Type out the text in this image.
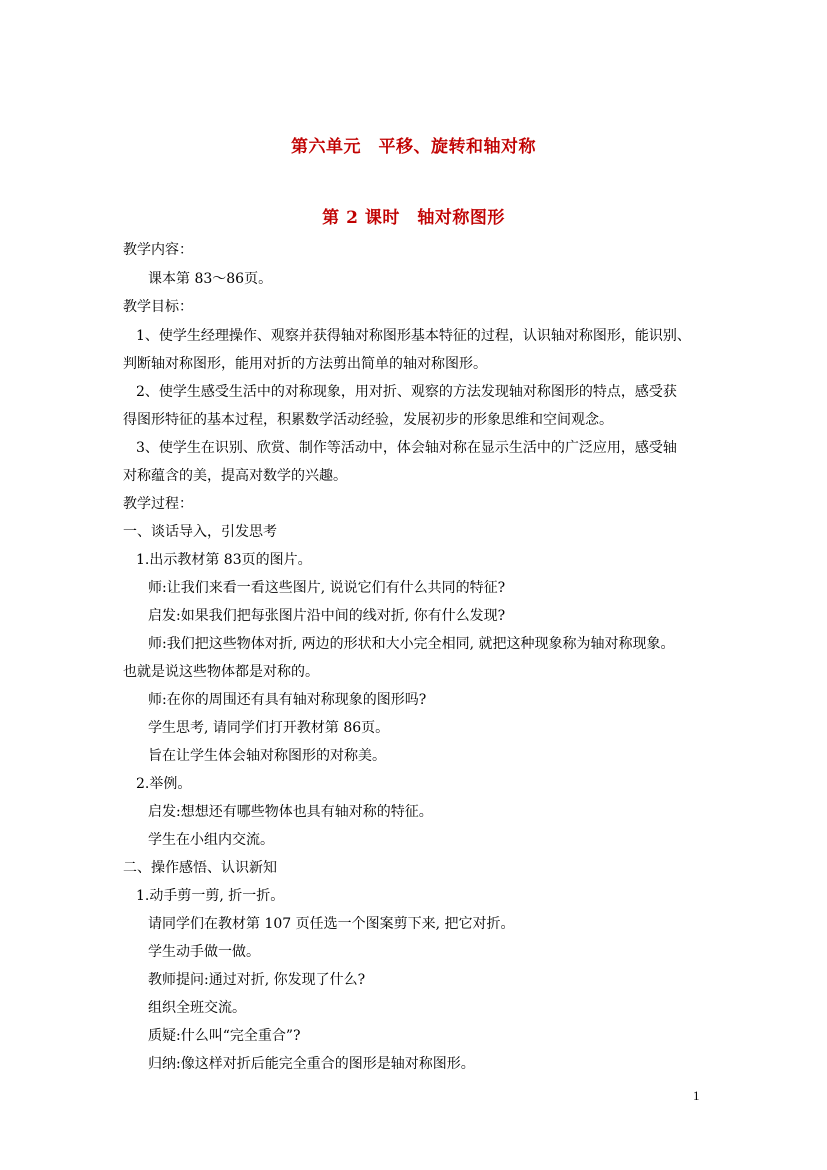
第六单元　平移、旋转和轴对称
第 2 课时　轴对称图形
教学内容：
课本第 83～86页。
教学目标：
1、使学生经理操作、观察并获得轴对称图形基本特征的过程，认识轴对称图形，能识别、
判断轴对称图形，能用对折的方法剪出简单的轴对称图形。
2、使学生感受生活中的对称现象，用对折、观察的方法发现轴对称图形的特点，感受获
得图形特征的基本过程，积累数学活动经验，发展初步的形象思维和空间观念。
3、使学生在识别、欣赏、制作等活动中，体会轴对称在显示生活中的广泛应用，感受轴
对称蕴含的美，提高对数学的兴趣。
教学过程：
一、谈话导入，引发思考
1.出示教材第 83页的图片。
师:让我们来看一看这些图片, 说说它们有什么共同的特征?
启发:如果我们把每张图片沿中间的线对折, 你有什么发现?
师:我们把这些物体对折, 两边的形状和大小完全相同, 就把这种现象称为轴对称现象。
也就是说这些物体都是对称的。
师:在你的周围还有具有轴对称现象的图形吗?
学生思考, 请同学们打开教材第 86页。
旨在让学生体会轴对称图形的对称美。
2.举例。
启发:想想还有哪些物体也具有轴对称的特征。
学生在小组内交流。
二、操作感悟、认识新知
1.动手剪一剪, 折一折。
请同学们在教材第 107 页任选一个图案剪下来, 把它对折。
学生动手做一做。
教师提问:通过对折, 你发现了什么?
组织全班交流。
质疑:什么叫“完全重合”?
归纳:像这样对折后能完全重合的图形是轴对称图形。
1
